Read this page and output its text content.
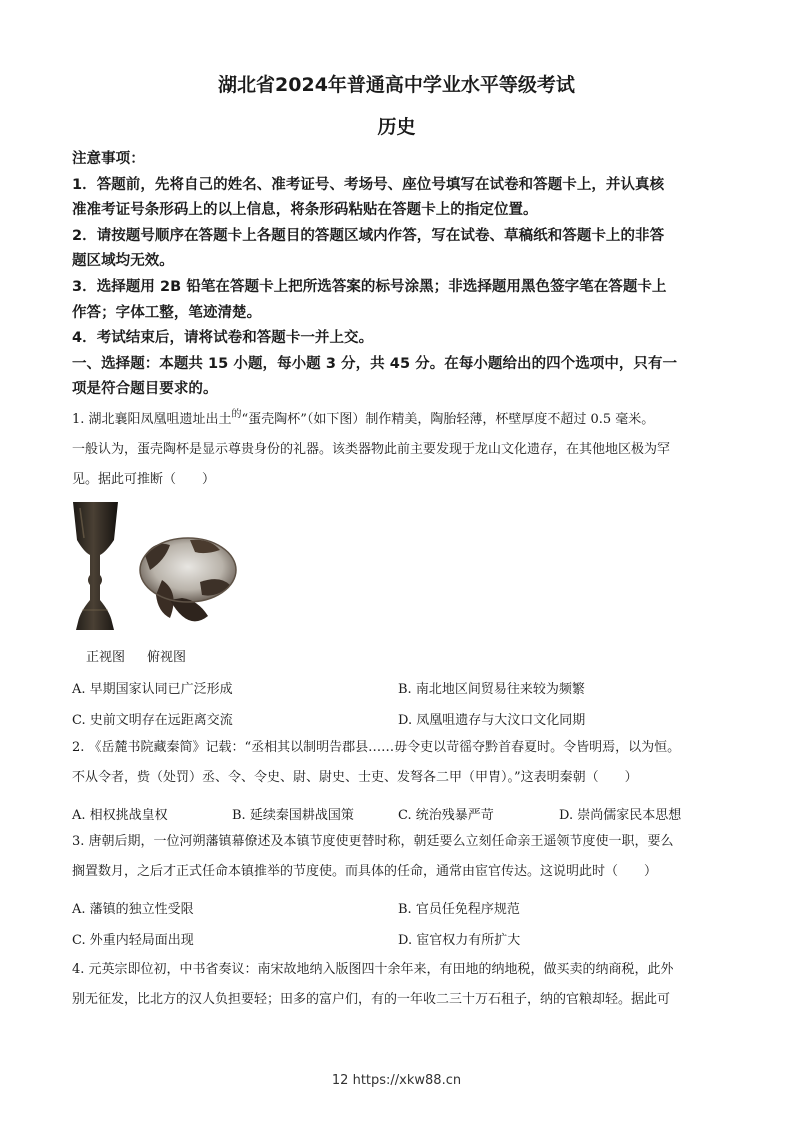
湖北省2024年普通高中学业水平等级考试
历史
注意事项：
1．答题前，先将自己的姓名、准考证号、考场号、座位号填写在试卷和答题卡上，并认真核
准准考证号条形码上的以上信息，将条形码粘贴在答题卡上的指定位置。
2．请按题号顺序在答题卡上各题目的答题区域内作答，写在试卷、草稿纸和答题卡上的非答
题区域均无效。
3．选择题用 2B 铅笔在答题卡上把所选答案的标号涂黑；非选择题用黑色签字笔在答题卡上
作答；字体工整，笔迹清楚。
4．考试结束后，请将试卷和答题卡一并上交。
一、选择题：本题共 15 小题，每小题 3 分，共 45 分。在每小题给出的四个选项中，只有一
项是符合题目要求的。
1. 湖北襄阳凤凰咀遗址出土$^的$“蛋壳陶杯”（如下图）制作精美，陶胎轻薄，杯壁厚度不超过 0.5 毫米。
一般认为，蛋壳陶杯是显示尊贵身份的礼器。该类器物此前主要发现于龙山文化遗存，在其他地区极为罕
见。据此可推断（　　）
正视图 俯视图
A. 早期国家认同已广泛形成	B. 南北地区间贸易往来较为频繁
C. 史前文明存在远距离交流	D. 凤凰咀遗存与大汶口文化同期
2. 《岳麓书院藏秦简》记载：“丞相其以制明告郡县……毋令吏以苛徭夺黔首春夏时。令皆明焉，以为恒。
不从令者，赀（处罚）丞、令、令史、尉、尉史、士吏、发弩各二甲（甲胄）。”这表明秦朝（　　）
A. 相权挑战皇权	B. 延续秦国耕战国策	C. 统治残暴严苛	D. 崇尚儒家民本思想
3. 唐朝后期，一位河朔藩镇幕僚述及本镇节度使更替时称，朝廷要么立刻任命亲王遥领节度使一职，要么
搁置数月，之后才正式任命本镇推举的节度使。而具体的任命，通常由宦官传达。这说明此时（　　）
A. 藩镇的独立性受限	B. 官员任免程序规范
C. 外重内轻局面出现	D. 宦官权力有所扩大
4. 元英宗即位初，中书省奏议：南宋故地纳入版图四十余年来，有田地的纳地税，做买卖的纳商税，此外
别无征发，比北方的汉人负担要轻；田多的富户们，有的一年收二三十万石租子，纳的官粮却轻。据此可
12 https://xkw88.cn
